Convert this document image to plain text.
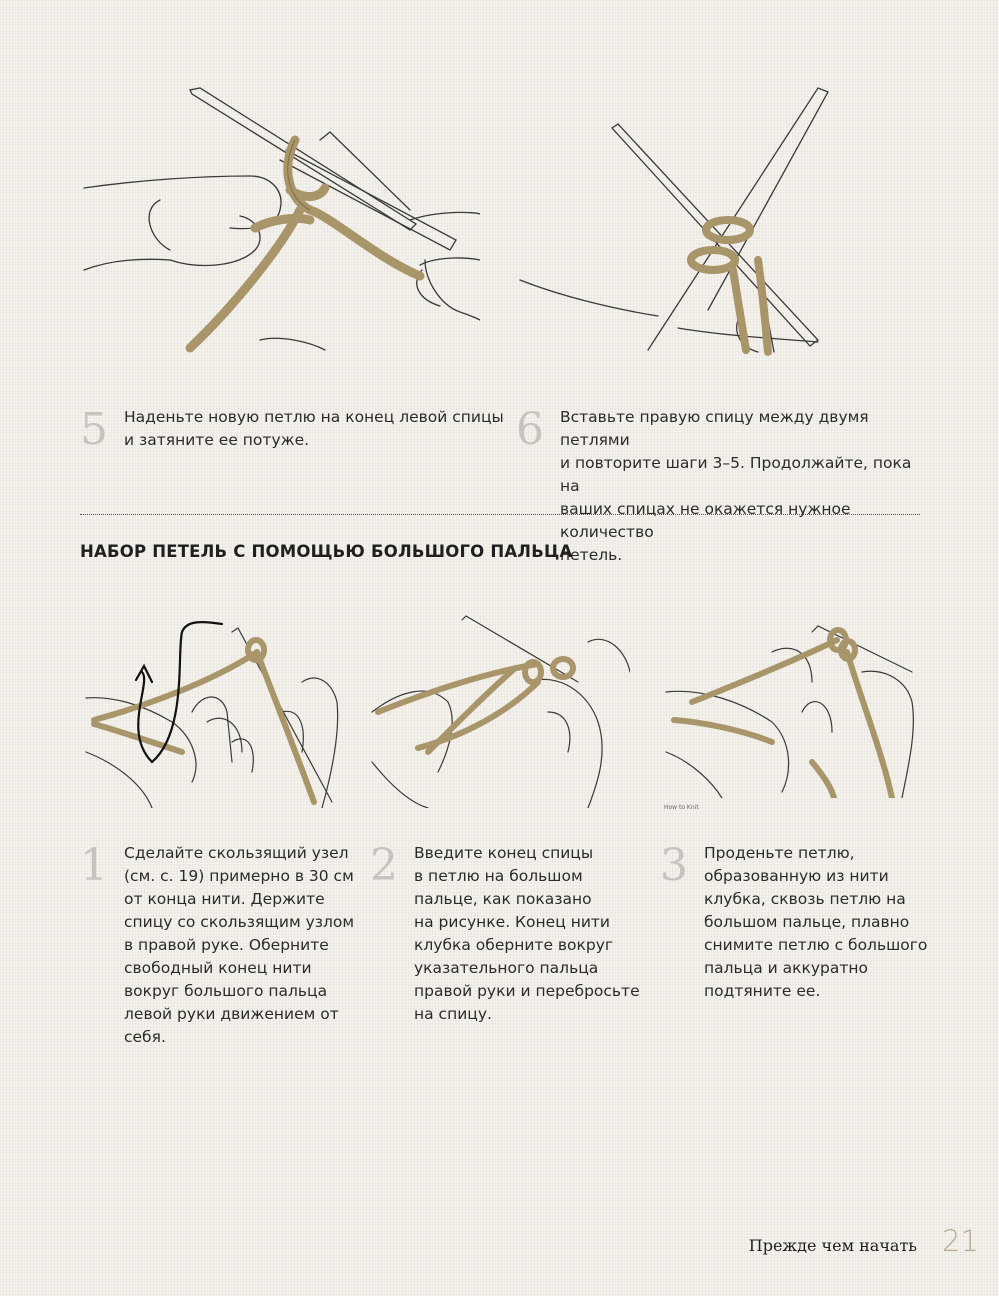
5 Наденьте новую петлю на конец левой спицы
и затяните ее потуже.	6 Вставьте правую спицу между двумя петлями
и повторите шаги 3–5. Продолжайте, пока на
ваших спицах не окажется нужное количество
петель.

НАБОР ПЕТЕЛЬ С ПОМОЩЬЮ БОЛЬШОГО ПАЛЬЦА
How to Knit
1 Сделайте скользящий узел
(см. с. 19) примерно в 30 см
от конца нити. Держите
спицу со скользящим узлом
в правой руке. Оберните
свободный конец нити
вокруг большого пальца
левой руки движением от
себя.

2 Введите конец спицы
в петлю на большом
пальце, как показано
на рисунке. Конец нити
клубка оберните вокруг
указательного пальца
правой руки и перебросьте
на спицу.

3 Проденьте петлю,
образованную из нити
клубка, сквозь петлю на
большом пальце, плавно
снимите петлю с большого
пальца и аккуратно
подтяните ее.

Прежде чем начать 21
